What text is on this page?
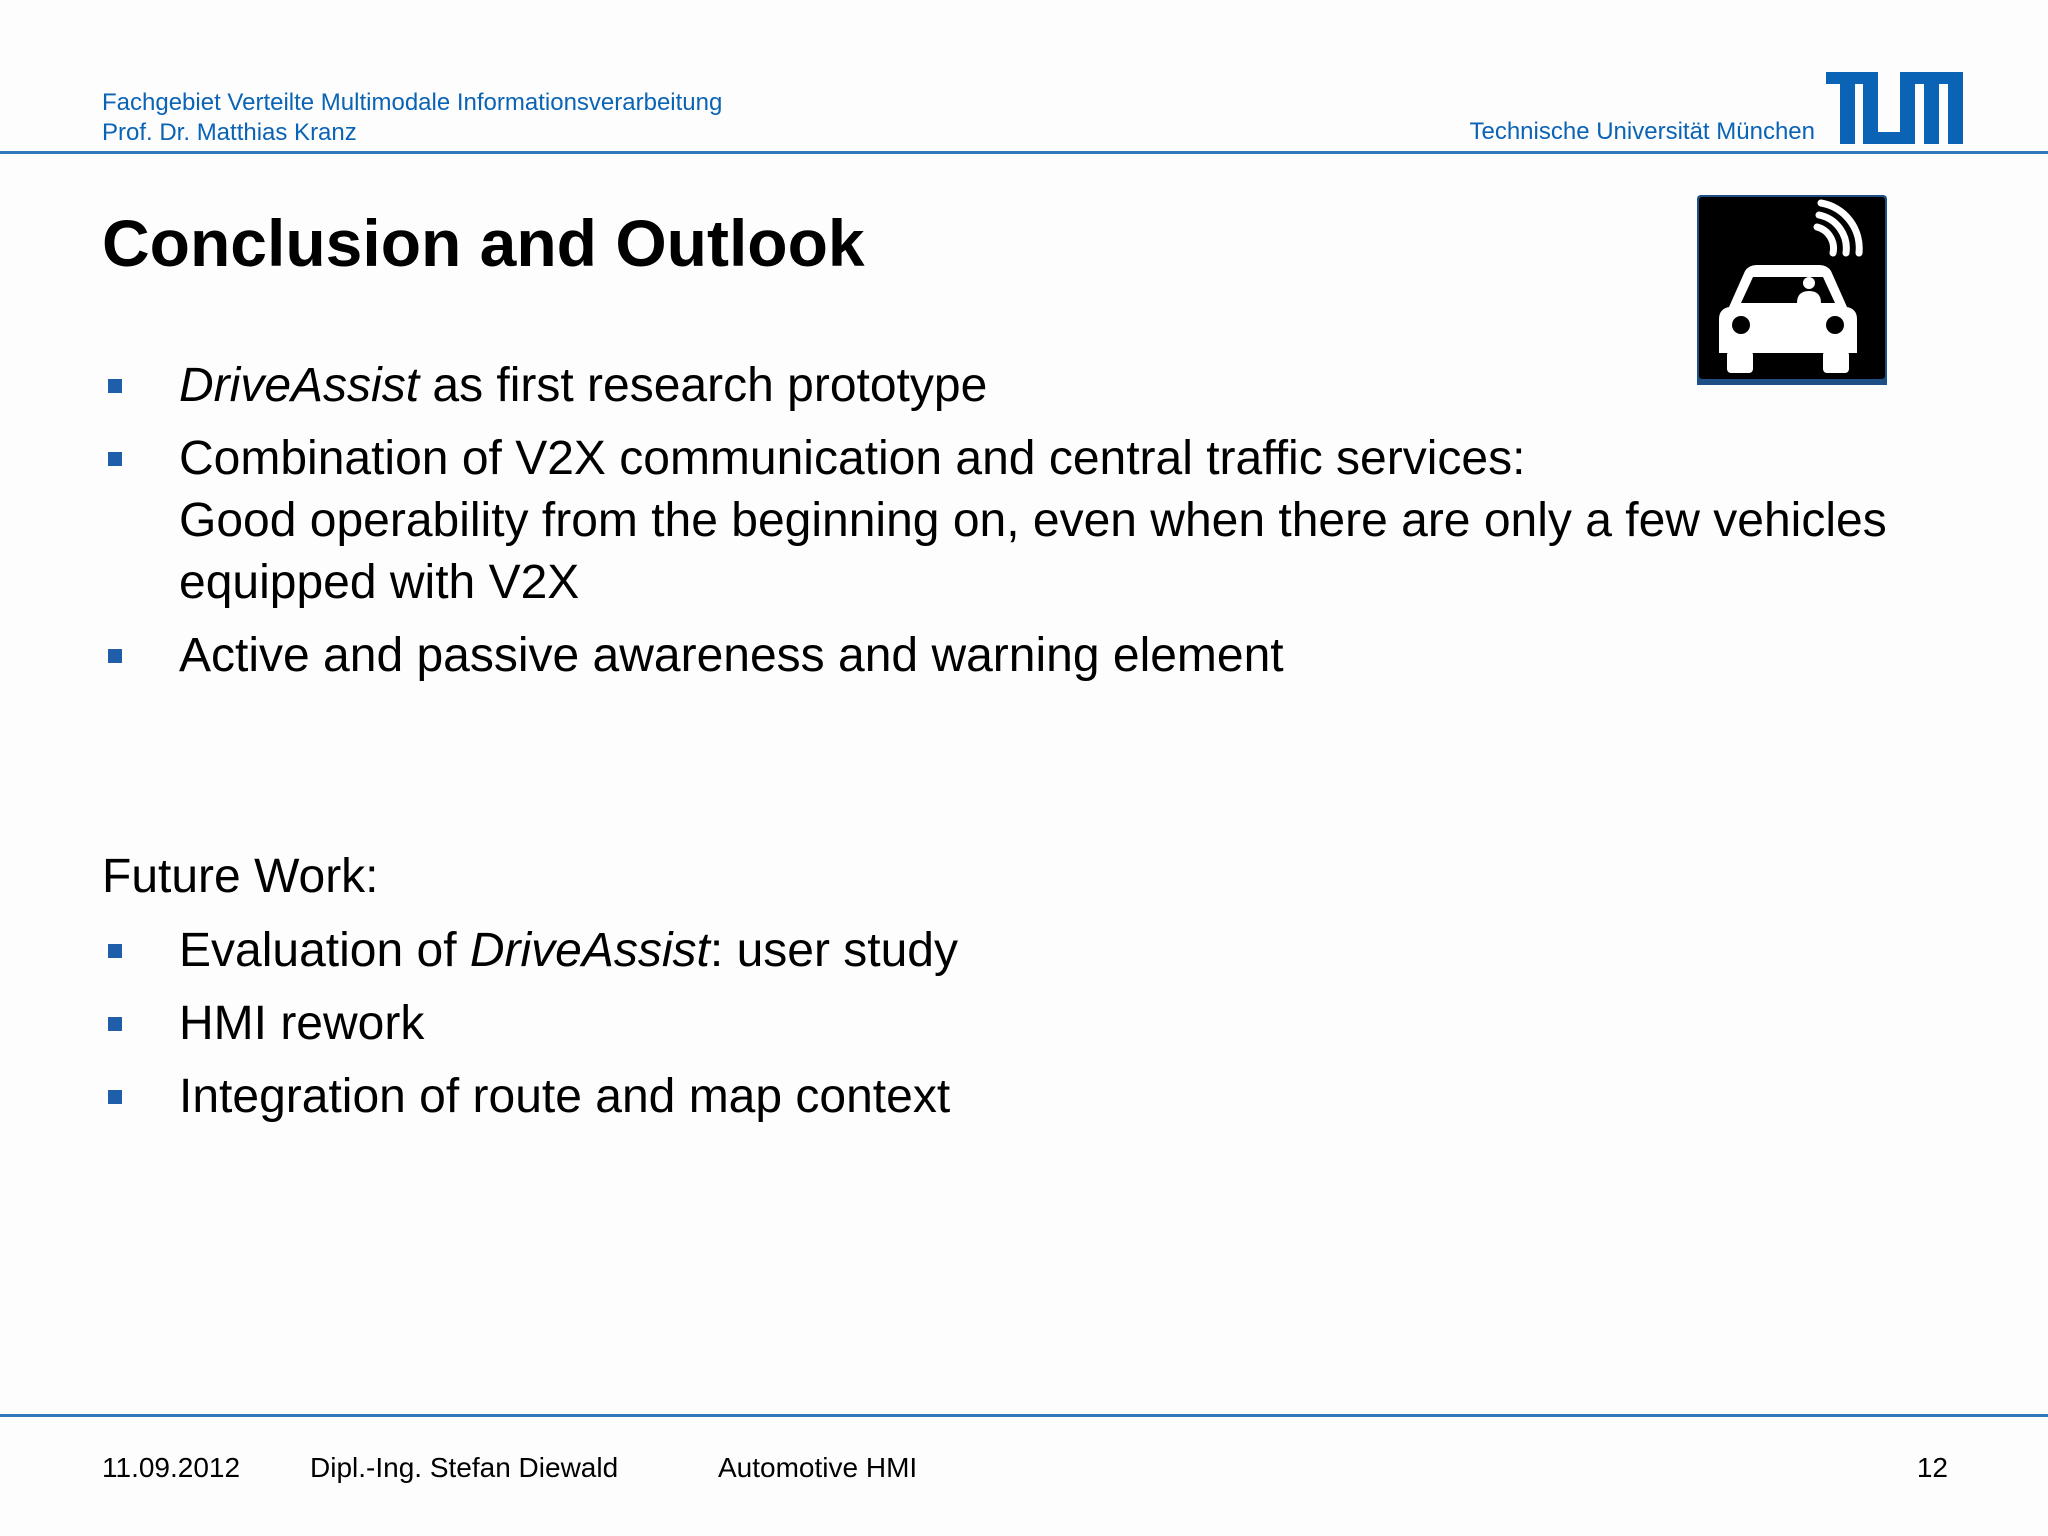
Fachgebiet Verteilte Multimodale Informationsverarbeitung
Prof. Dr. Matthias Kranz	Technische Universität München
Conclusion and Outlook
DriveAssist as first research prototype
Combination of V2X communication and central traffic services:
Good operability from the beginning on, even when there are only a few vehicles equipped with V2X
Active and passive awareness and warning element
Future Work:
Evaluation of DriveAssist: user study
HMI rework
Integration of route and map context
11.09.2012 Dipl.-Ing. Stefan Diewald	Automotive HMI	12
